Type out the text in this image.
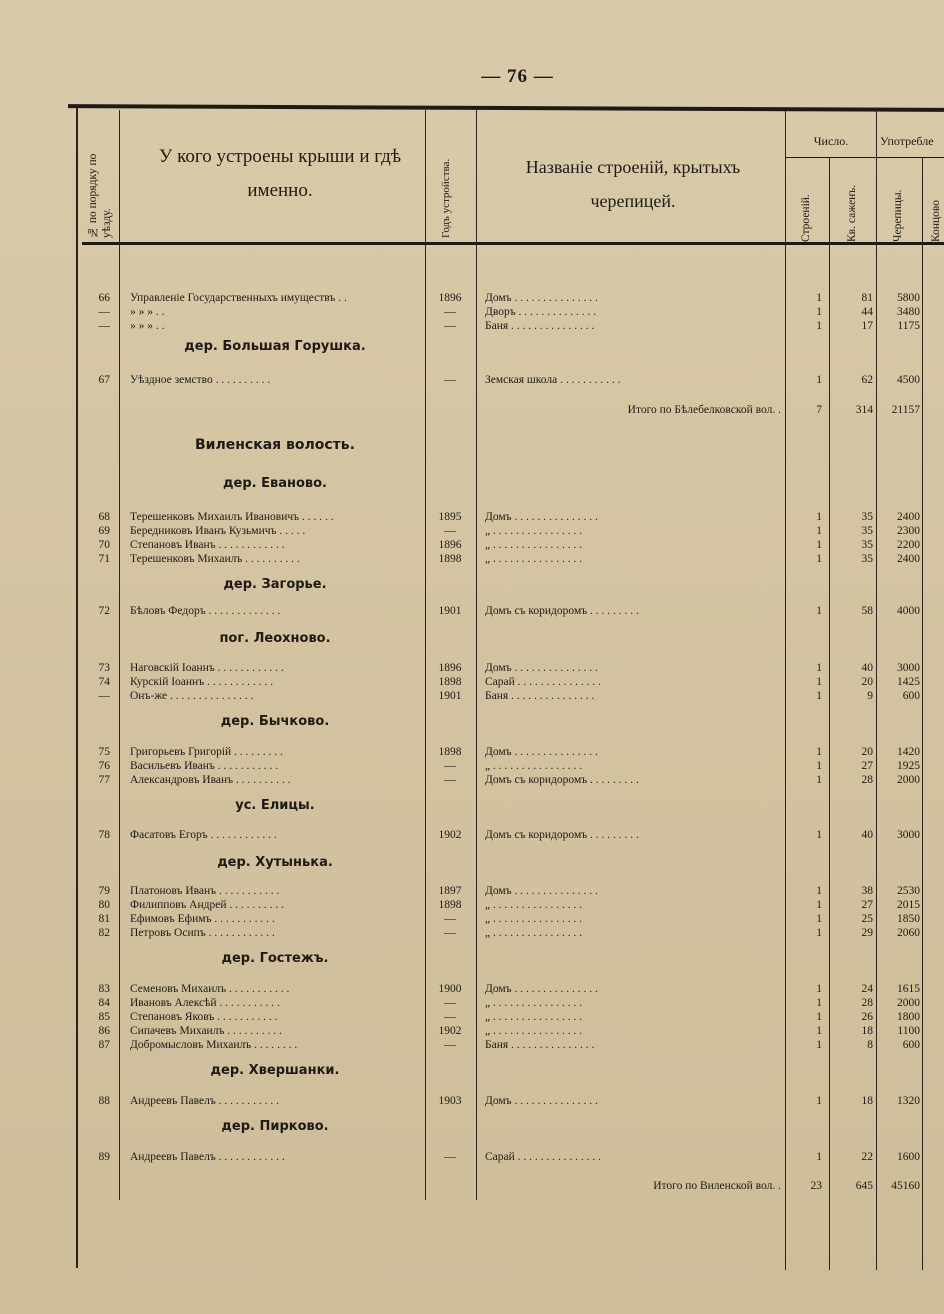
— 76 —
№ по порядку по уѣзду.
У кого устроены крыши и гдѣ именно.	Годъ устройства.	Названіе строеній, крытыхъ черепицей.
Число.	Употребле
Строеній.	Кв. саженъ.	Черепицы. Концово
66 Управленіе Государственныхъ имуществъ . .	1896	Домъ . . . . . . . . . . . . . . .	1	81	5800
— » » » . .	—	Дворъ . . . . . . . . . . . . . .	1	44	3480
— » » » . .	—	Баня . . . . . . . . . . . . . . .	1	17	1175
дер. Большая Горушка.
67 Уѣздное земство . . . . . . . . . .	—	Земская школа . . . . . . . . . . .	1	62	4500
Итого по Бѣлебелковской вол. .	7	314	21157
Виленская волость.
дер. Еваново.
68 Терешенковъ Михаилъ Ивановичъ . . . . . .	1895	Домъ . . . . . . . . . . . . . . .	1	35	2400
69 Бередниковъ Иванъ Кузьмичъ . . . . .	—	„ . . . . . . . . . . . . . . . .	1	35	2300
70 Степановъ Иванъ . . . . . . . . . . . .	1896	„ . . . . . . . . . . . . . . . .	1	35	2200
71 Терешенковъ Михаилъ . . . . . . . . . .	1898	„ . . . . . . . . . . . . . . . .	1	35	2400
дер. Загорье.
72 Бѣловъ Федоръ . . . . . . . . . . . . .	1901	Домъ съ коридоромъ . . . . . . . . .	1	58	4000
пог. Леохново.
73 Наговскій Іоаннъ . . . . . . . . . . . .	1896	Домъ . . . . . . . . . . . . . . .	1	40	3000
74 Курскій Іоаннъ . . . . . . . . . . . .	1898	Сарай . . . . . . . . . . . . . . .	1	20	1425
— Онъ-же . . . . . . . . . . . . . . .	1901	Баня . . . . . . . . . . . . . . .	1	9	600
дер. Бычково.
75 Григорьевъ Григорій . . . . . . . . .	1898	Домъ . . . . . . . . . . . . . . .	1	20	1420
76 Васильевъ Иванъ . . . . . . . . . . .	—	„ . . . . . . . . . . . . . . . .	1	27	1925
77 Александровъ Иванъ . . . . . . . . . .	—	Домъ съ коридоромъ . . . . . . . . .	1	28	2000
ус. Елицы.
78 Фасатовъ Егоръ . . . . . . . . . . . .	1902	Домъ съ коридоромъ . . . . . . . . .	1	40	3000
дер. Хутынька.
79 Платоновъ Иванъ . . . . . . . . . . .	1897	Домъ . . . . . . . . . . . . . . .	1	38	2530
80 Филипповъ Андрей . . . . . . . . . .	1898	„ . . . . . . . . . . . . . . . .	1	27	2015
81 Ефимовъ Ефимъ . . . . . . . . . . .	—	„ . . . . . . . . . . . . . . . .	1	25	1850
82 Петровъ Осипъ . . . . . . . . . . . .	—	„ . . . . . . . . . . . . . . . .	1	29	2060
дер. Гостежъ.
83 Семеновъ Михаилъ . . . . . . . . . . .	1900	Домъ . . . . . . . . . . . . . . .	1	24	1615
84 Ивановъ Алексѣй . . . . . . . . . . .	—	„ . . . . . . . . . . . . . . . .	1	28	2000
85 Степановъ Яковъ . . . . . . . . . . .	—	„ . . . . . . . . . . . . . . . .	1	26	1800
86 Сипачевъ Михаилъ . . . . . . . . . .	1902	„ . . . . . . . . . . . . . . . .	1	18	1100
87 Добромысловъ Михаилъ . . . . . . . .	—	Баня . . . . . . . . . . . . . . .	1	8	600
дер. Хвершанки.
88 Андреевъ Павелъ . . . . . . . . . . .	1903	Домъ . . . . . . . . . . . . . . .	1	18	1320
дер. Пирково.
89 Андреевъ Павелъ . . . . . . . . . . . .	—	Сарай . . . . . . . . . . . . . . .	1	22	1600
Итого по Виленской вол. .	23	645	45160
